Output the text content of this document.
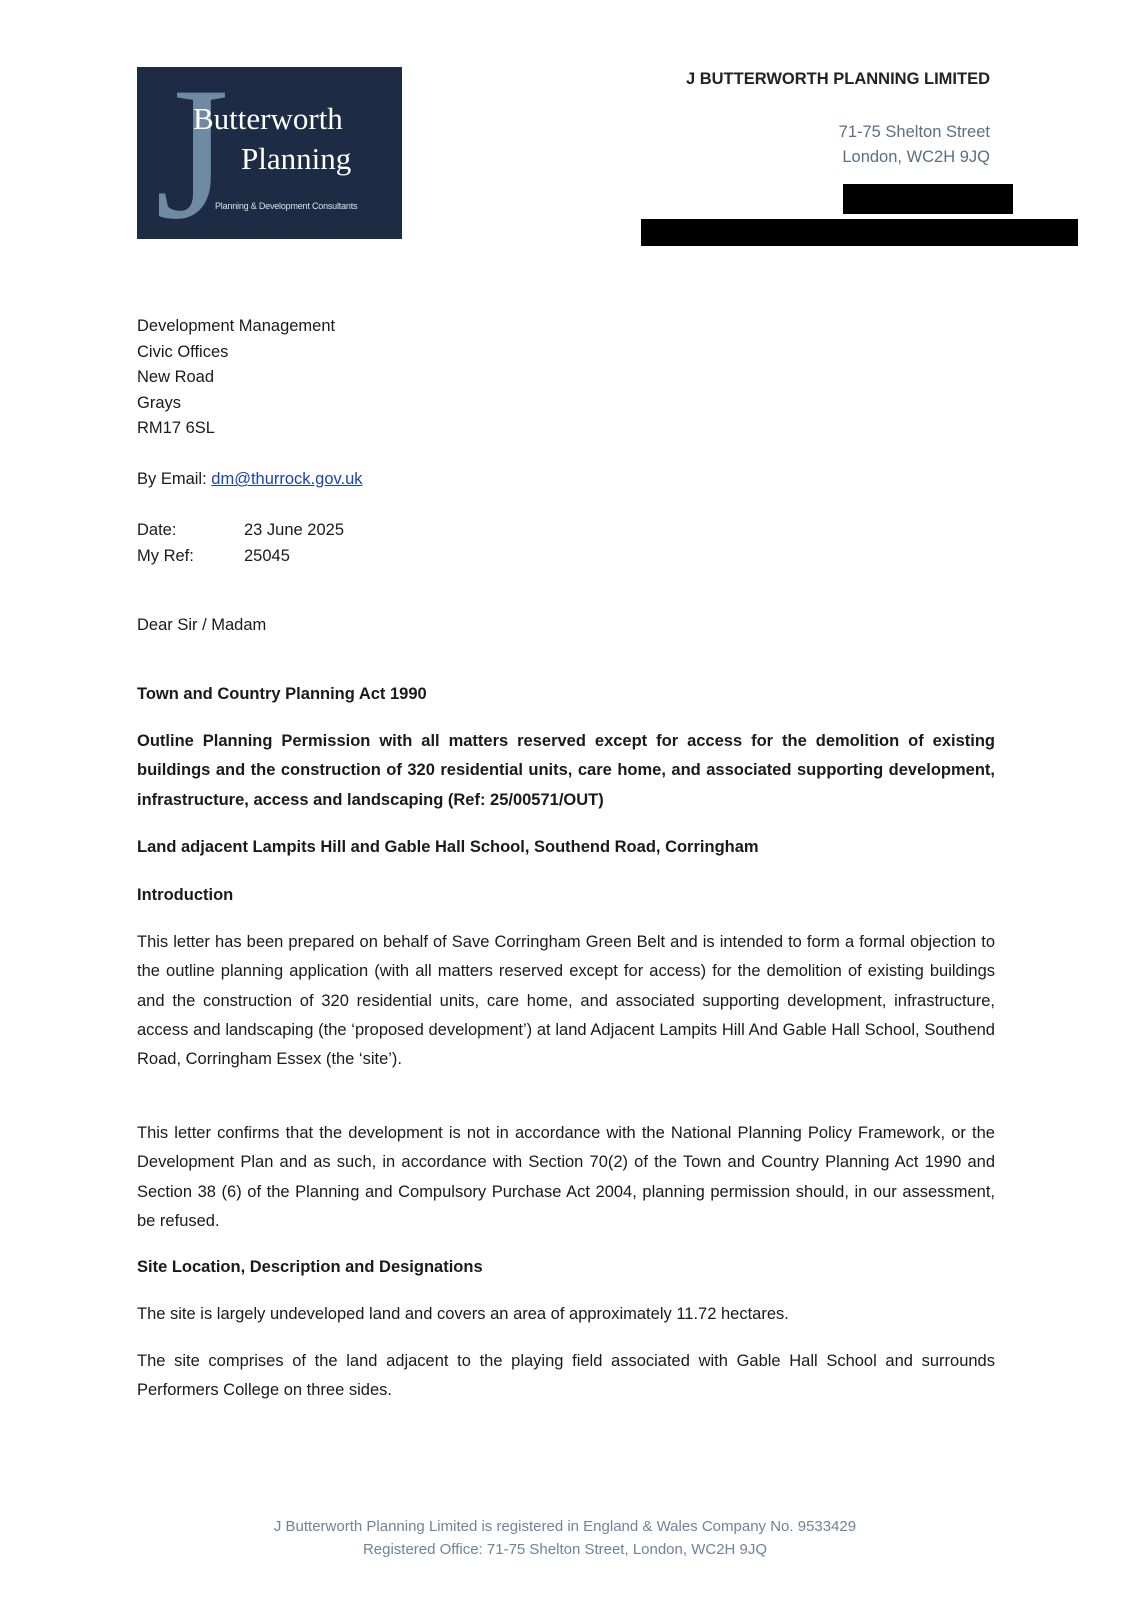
J
Butterworth
Planning
Planning & Development Consultants
J BUTTERWORTH PLANNING LIMITED
71-75 Shelton Street
London, WC2H 9JQ
Development Management
Civic Offices
New Road
Grays
RM17 6SL
By Email: dm@thurrock.gov.uk
Date:	23 June 2025
My Ref:	25045
Dear Sir / Madam
Town and Country Planning Act 1990
Outline Planning Permission with all matters reserved except for access for the demolition of existing buildings and the construction of 320 residential units, care home, and associated supporting development, infrastructure, access and landscaping (Ref: 25/00571/OUT)
Land adjacent Lampits Hill and Gable Hall School, Southend Road, Corringham
Introduction
This letter has been prepared on behalf of Save Corringham Green Belt and is intended to form a formal objection to the outline planning application (with all matters reserved except for access) for the demolition of existing buildings and the construction of 320 residential units, care home, and associated supporting development, infrastructure, access and landscaping (the ‘proposed development’) at land Adjacent Lampits Hill And Gable Hall School, Southend Road, Corringham Essex (the ‘site’).
This letter confirms that the development is not in accordance with the National Planning Policy Framework, or the Development Plan and as such, in accordance with Section 70(2) of the Town and Country Planning Act 1990 and Section 38 (6) of the Planning and Compulsory Purchase Act 2004, planning permission should, in our assessment, be refused.
Site Location, Description and Designations
The site is largely undeveloped land and covers an area of approximately 11.72 hectares.
The site comprises of the land adjacent to the playing field associated with Gable Hall School and surrounds Performers College on three sides.
J Butterworth Planning Limited is registered in England & Wales Company No. 9533429
Registered Office: 71-75 Shelton Street, London, WC2H 9JQ
